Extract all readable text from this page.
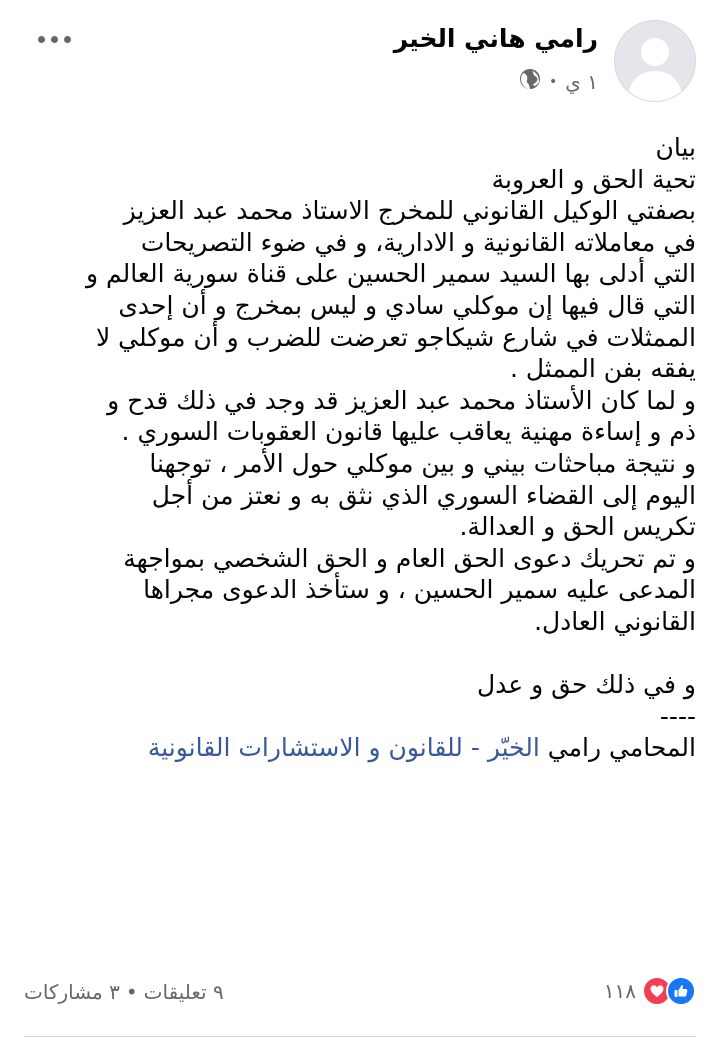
رامي هاني الخير
١ ي
•
بيان
تحية الحق و العروبة
بصفتي الوكيل القانوني للمخرج الاستاذ محمد عبد العزيز
في معاملاته القانونية و الادارية، و في ضوء التصريحات
التي أدلى بها السيد سمير الحسين على قناة سورية العالم و
التي قال فيها إن موكلي سادي و ليس بمخرج و أن إحدى
الممثلات في شارع شيكاجو تعرضت للضرب و أن موكلي لا
يفقه بفن الممثل .
و لما كان الأستاذ محمد عبد العزيز قد وجد في ذلك قدح و
ذم و إساءة مهنية يعاقب عليها قانون العقوبات السوري .
و نتيجة مباحثات بيني و بين موكلي حول الأمر ، توجهنا
اليوم إلى القضاء السوري الذي نثق به و نعتز من أجل
تكريس الحق و العدالة.
و تم تحريك دعوى الحق العام و الحق الشخصي بمواجهة
المدعى عليه سمير الحسين ، و ستأخذ الدعوى مجراها
القانوني العادل.
و في ذلك حق و عدل
----
المحامي رامي الخيّر - للقانون و الاستشارات القانونية
١١٨
٩ تعليقات
•
٣ مشاركات
